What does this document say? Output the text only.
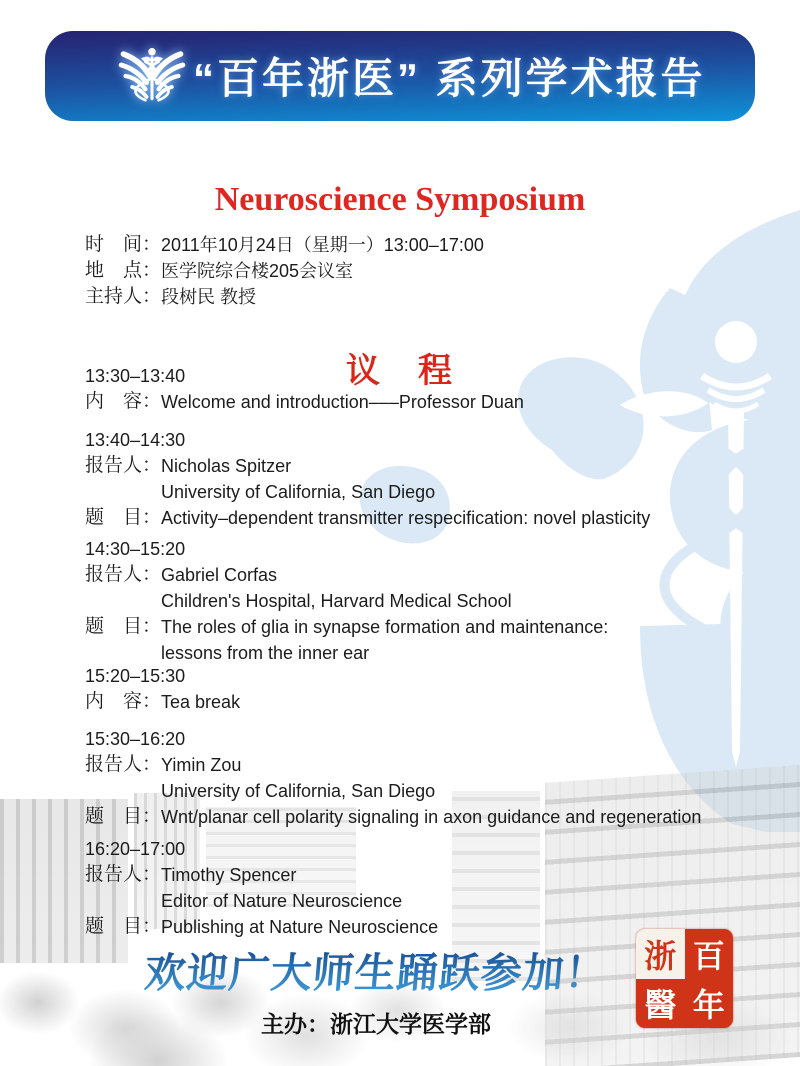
“百年浙医” 系列学术报告
Neuroscience Symposium
时　间： 2011年10月24日（星期一）13:00–17:00
地　点： 医学院综合楼205会议室
主持人： 段树民 教授
议　程
13:30–13:40
内　容： Welcome and introduction–––Professor Duan
13:40–14:30
报告人： Nicholas Spitzer
University of California, San Diego
题　目： Activity–dependent transmitter respecification: novel plasticity
14:30–15:20
报告人： Gabriel Corfas
Children's Hospital, Harvard Medical School
题　目： The roles of glia in synapse formation and maintenance:
lessons from the inner ear
15:20–15:30
内　容： Tea break
15:30–16:20
报告人： Yimin Zou
University of California, San Diego
题　目： Wnt/planar cell polarity signaling in axon guidance and regeneration
16:20–17:00
报告人： Timothy Spencer
Editor of Nature Neuroscience
题　目： Publishing at Nature Neuroscience
欢迎广大师生踊跃参加！
主办：浙江大学医学部
浙 百
醫 年
